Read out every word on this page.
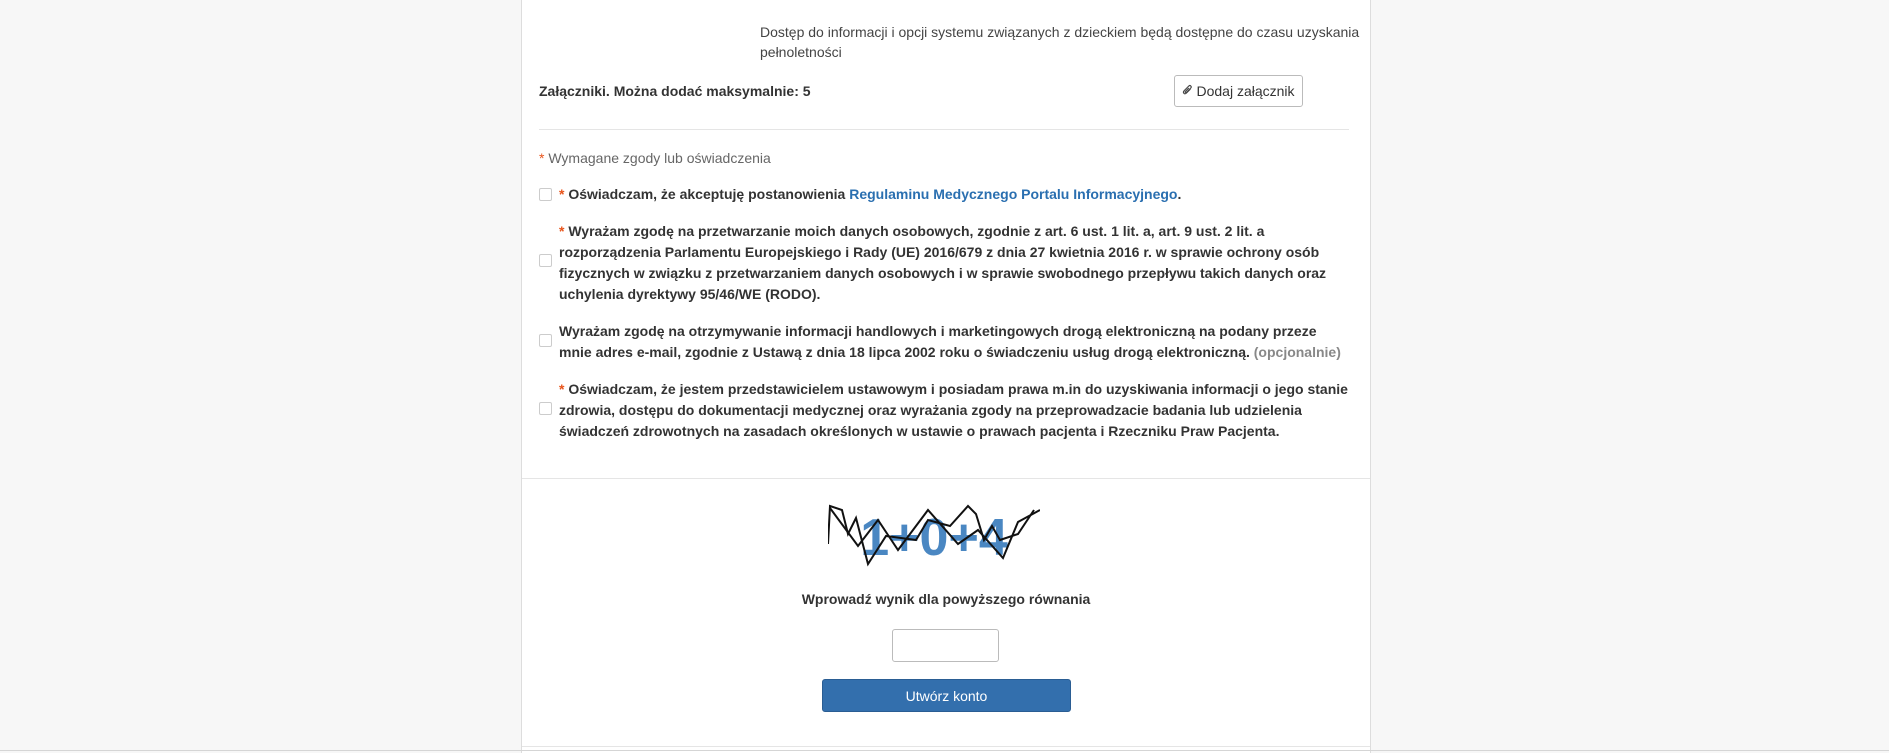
Dostęp do informacji i opcji systemu związanych z dzieckiem będą dostępne do czasu uzyskania pełnoletności
Załączniki. Można dodać maksymalnie: 5	Dodaj załącznik
* Wymagane zgody lub oświadczenia
* Oświadczam, że akceptuję postanowienia Regulaminu Medycznego Portalu Informacyjnego.
* Wyrażam zgodę na przetwarzanie moich danych osobowych, zgodnie z art. 6 ust. 1 lit. a, art. 9 ust. 2 lit. a rozporządzenia Parlamentu Europejskiego i Rady (UE) 2016/679 z dnia 27 kwietnia 2016 r. w sprawie ochrony osób fizycznych w związku z przetwarzaniem danych osobowych i w sprawie swobodnego przepływu takich danych oraz uchylenia dyrektywy 95/46/WE (RODO).
Wyrażam zgodę na otrzymywanie informacji handlowych i marketingowych drogą elektroniczną na podany przeze mnie adres e-mail, zgodnie z Ustawą z dnia 18 lipca 2002 roku o świadczeniu usług drogą elektroniczną. (opcjonalnie)
* Oświadczam, że jestem przedstawicielem ustawowym i posiadam prawa m.in do uzyskiwania informacji o jego stanie zdrowia, dostępu do dokumentacji medycznej oraz wyrażania zgody na przeprowadzacie badania lub udzielenia świadczeń zdrowotnych na zasadach określonych w ustawie o prawach pacjenta i Rzeczniku Praw Pacjenta.
1+0+4
Wprowadź wynik dla powyższego równania
Utwórz konto
